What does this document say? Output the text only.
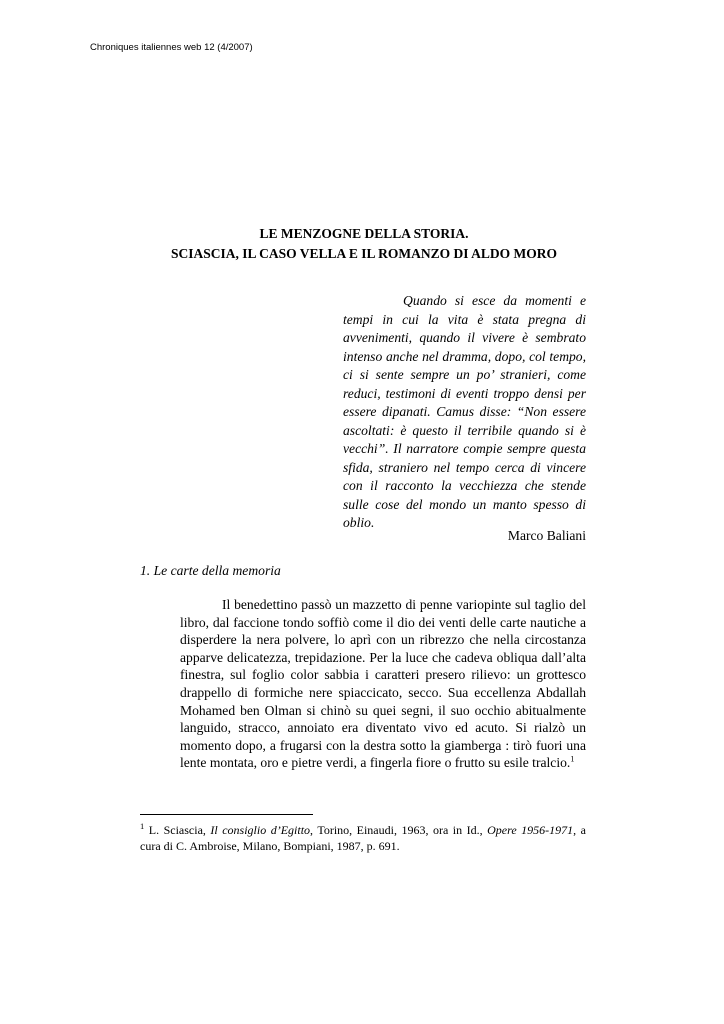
Chroniques italiennes web 12 (4/2007)
LE MENZOGNE DELLA STORIA.
SCIASCIA, IL CASO VELLA E IL ROMANZO DI ALDO MORO

Quando si esce da momenti e tempi in cui la vita è stata pregna di avvenimenti, quando il vivere è sembrato intenso anche nel dramma, dopo, col tempo, ci si sente sempre un po’ stranieri, come reduci, testimoni di eventi troppo densi per essere dipanati. Camus disse: “Non essere ascoltati: è questo il terribile quando si è vecchi”. Il narratore compie sempre questa sfida, straniero nel tempo cerca di vincere con il racconto la vecchiezza che stende sulle cose del mondo un manto spesso di oblio.

Marco Baliani
1. Le carte della memoria

Il benedettino passò un mazzetto di penne variopinte sul taglio del libro, dal faccione tondo soffiò come il dio dei venti delle carte nautiche a disperdere la nera polvere, lo aprì con un ribrezzo che nella circostanza apparve delicatezza, trepidazione. Per la luce che cadeva obliqua dall’alta finestra, sul foglio color sabbia i caratteri presero rilievo: un grottesco drappello di formiche nere spiaccicato, secco. Sua eccellenza Abdallah Mohamed ben Olman si chinò su quei segni, il suo occhio abitualmente languido, stracco, annoiato era diventato vivo ed acuto. Si rialzò un momento dopo, a frugarsi con la destra sotto la giamberga : tirò fuori una lente montata, oro e pietre verdi, a fingerla fiore o frutto su esile tralcio.$^1$

$^1$ L. Sciascia, Il consiglio d’Egitto, Torino, Einaudi, 1963, ora in Id., Opere 1956-1971, a cura di C. Ambroise, Milano, Bompiani, 1987, p. 691.
